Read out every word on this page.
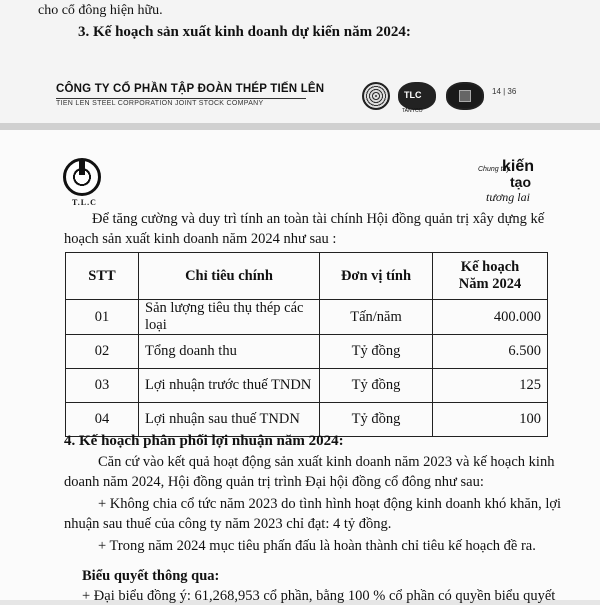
cho cổ đông hiện hữu.
3. Kế hoạch sản xuất kinh doanh dự kiến năm 2024:
CÔNG TY CỔ PHẦN TẬP ĐOÀN THÉP TIẾN LÊN
TIEN LEN STEEL CORPORATION JOINT STOCK COMPANY
TLC
TANYCO
14 | 36
T.L.C
Chung tay
kiến
tạo
tương lai
Để tăng cường và duy trì tính an toàn tài chính Hội đồng quản trị xây dựng kế
hoạch sản xuất kinh doanh năm 2024 như sau :
STT	Chỉ tiêu chính	Đơn vị tính	Kế hoạch
Năm 2024

01	Sản lượng tiêu thụ thép các loại	Tấn/năm	400.000
02	Tổng doanh thu	Tỷ đồng	6.500
03	Lợi nhuận trước thuế TNDN	Tỷ đồng	125
04	Lợi nhuận sau thuế TNDN	Tỷ đồng	100
4. Kế hoạch phân phối lợi nhuận năm 2024:
Căn cứ vào kết quả hoạt động sản xuất kinh doanh năm 2023 và kế hoạch kinh
doanh năm 2024, Hội đồng quản trị trình Đại hội đồng cổ đông như sau:
+ Không chia cổ tức năm 2023 do tình hình hoạt động kinh doanh khó khăn, lợi
nhuận sau thuế của công ty năm 2023 chỉ đạt: 4 tỷ đồng.
+ Trong năm 2024 mục tiêu phấn đấu là hoàn thành chỉ tiêu kế hoạch đề ra.
Biểu quyết thông qua:
+ Đại biểu đồng ý: 61,268,953 cổ phần, bằng 100 % cổ phần có quyền biểu quyết
